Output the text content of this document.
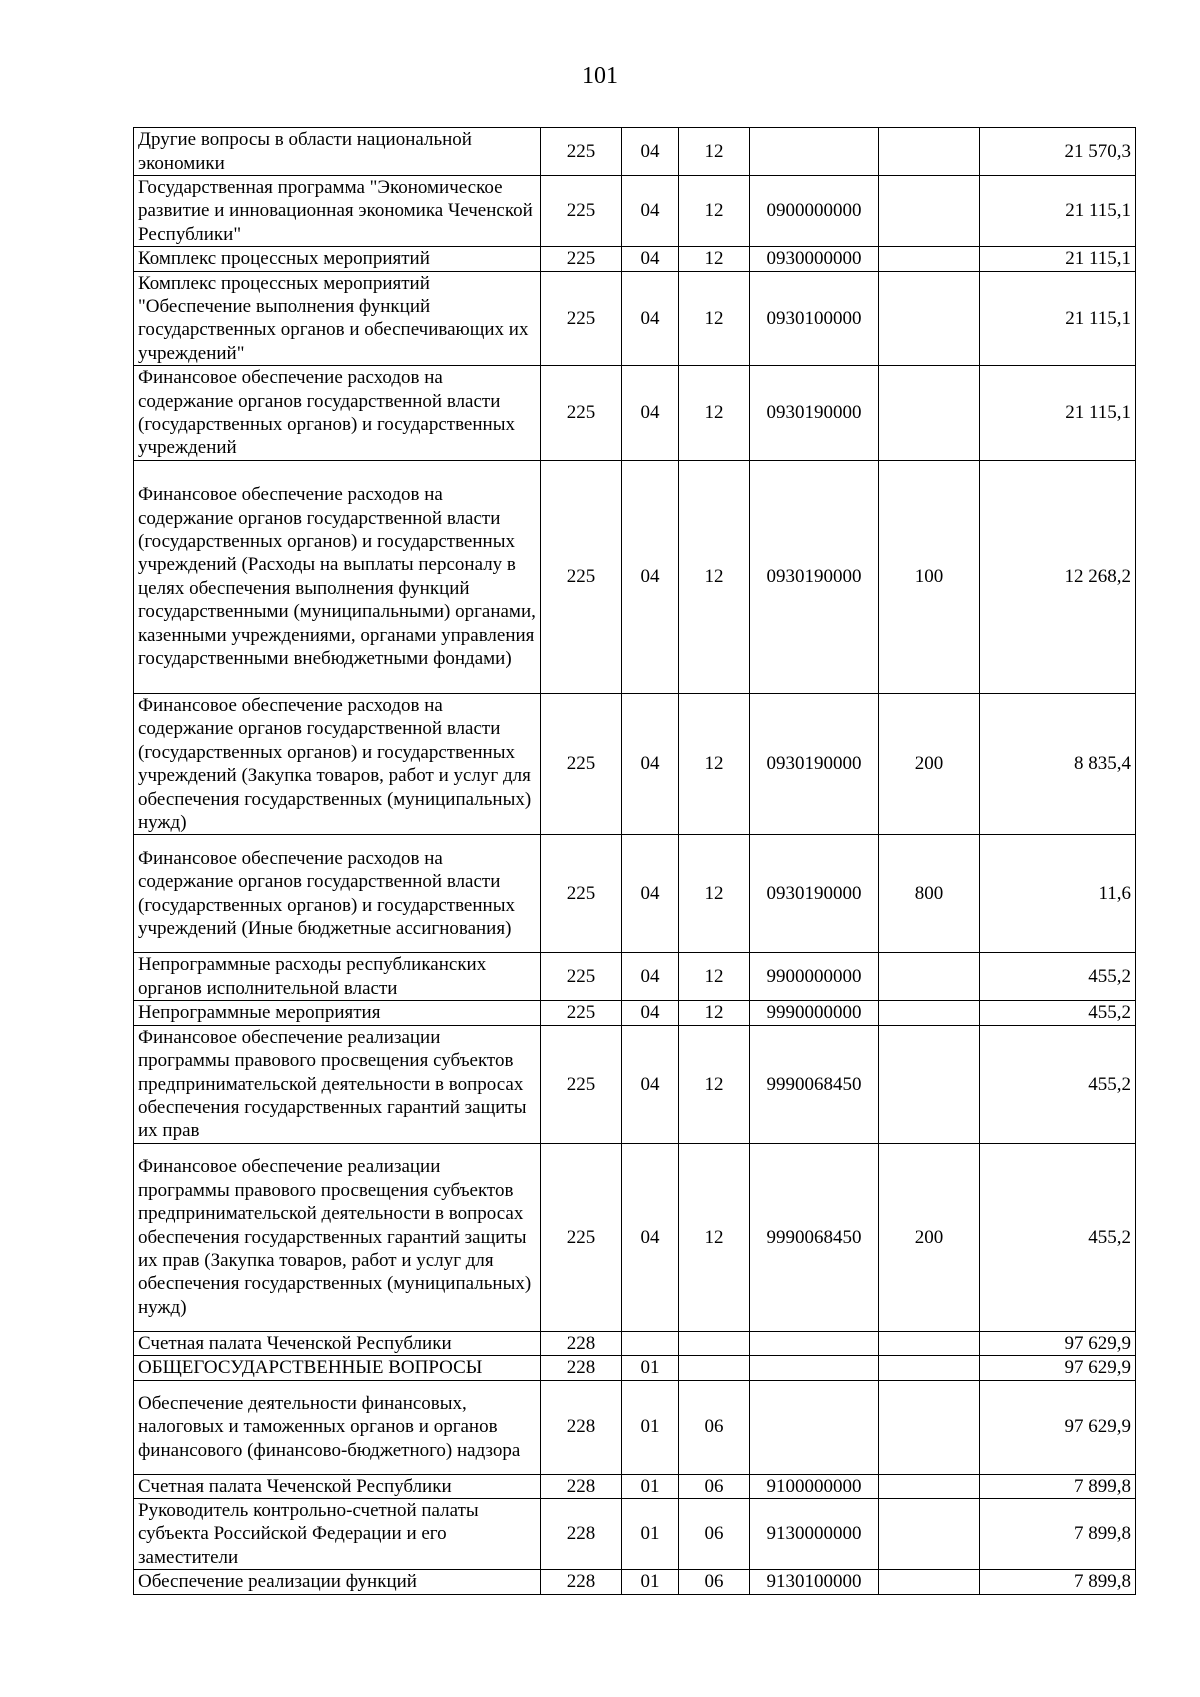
101
Другие вопросы в области национальной экономики	225	04	12			21 570,3
Государственная программа "Экономическое развитие и инновационная экономика Чеченской Республики"	225	04	12	0900000000		21 115,1
Комплекс процессных мероприятий	225	04	12	0930000000		21 115,1
Комплекс процессных мероприятий "Обеспечение выполнения функций государственных органов и обеспечивающих их учреждений"	225	04	12	0930100000		21 115,1
Финансовое обеспечение расходов на содержание органов государственной власти (государственных органов) и государственных учреждений	225	04	12	0930190000		21 115,1
Финансовое обеспечение расходов на содержание органов государственной власти (государственных органов) и государственных учреждений (Расходы на выплаты персоналу в целях обеспечения выполнения функций государственными (муниципальными) органами, казенными учреждениями, органами управления государственными внебюджетными фондами)	225	04	12	0930190000	100	12 268,2
Финансовое обеспечение расходов на содержание органов государственной власти (государственных органов) и государственных учреждений (Закупка товаров, работ и услуг для обеспечения государственных (муниципальных) нужд)	225	04	12	0930190000	200	8 835,4
Финансовое обеспечение расходов на содержание органов государственной власти (государственных органов) и государственных учреждений (Иные бюджетные ассигнования)	225	04	12	0930190000	800	11,6
Непрограммные расходы республиканских органов исполнительной власти	225	04	12	9900000000		455,2
Непрограммные мероприятия	225	04	12	9990000000		455,2
Финансовое обеспечение реализации программы правового просвещения субъектов предпринимательской деятельности в вопросах обеспечения государственных гарантий защиты их прав	225	04	12	9990068450		455,2
Финансовое обеспечение реализации программы правового просвещения субъектов предпринимательской деятельности в вопросах обеспечения государственных гарантий защиты их прав (Закупка товаров, работ и услуг для обеспечения государственных (муниципальных) нужд)	225	04	12	9990068450	200	455,2
Счетная палата Чеченской Республики	228					97 629,9
ОБЩЕГОСУДАРСТВЕННЫЕ ВОПРОСЫ	228	01				97 629,9
Обеспечение деятельности финансовых, налоговых и таможенных органов и органов финансового (финансово-бюджетного) надзора	228	01	06			97 629,9
Счетная палата Чеченской Республики	228	01	06	9100000000		7 899,8
Руководитель контрольно-счетной палаты субъекта Российской Федерации и его заместители	228	01	06	9130000000		7 899,8
Обеспечение реализации функций	228	01	06	9130100000		7 899,8
